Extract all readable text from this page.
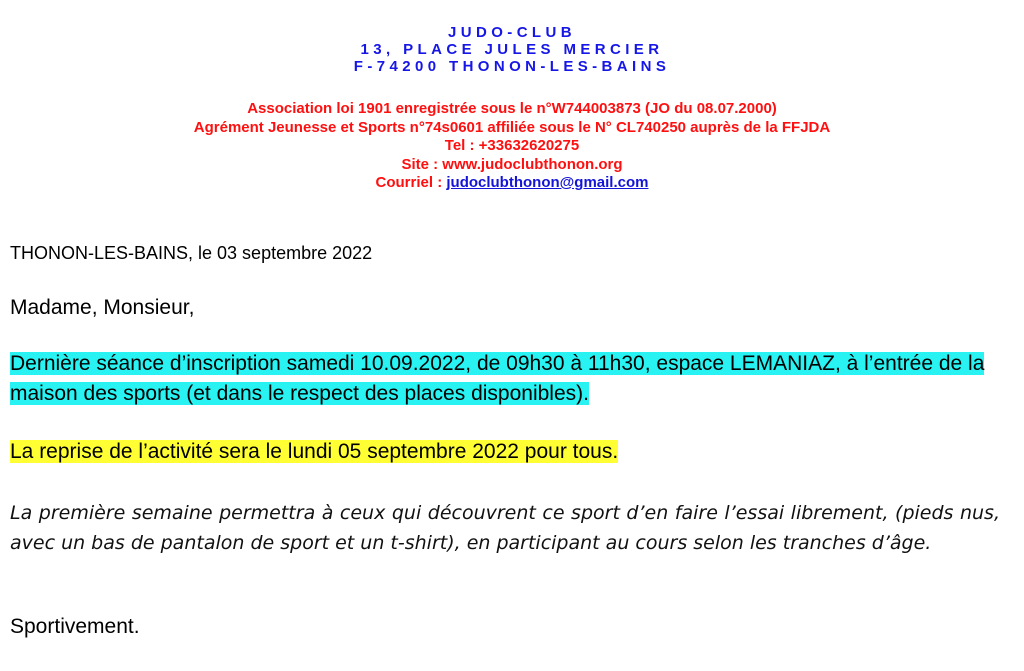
JUDO-CLUB

13, PLACE JULES MERCIER

F-74200 THONON-LES-BAINS

Association loi 1901 enregistrée sous le n°W744003873 (JO du 08.07.2000)

Agrément Jeunesse et Sports n°74s0601 affiliée sous le N° CL740250 auprès de la FFJDA

Tel : +33632620275

Site : www.judoclubthonon.org

Courriel : judoclubthonon@gmail.com

THONON-LES-BAINS, le 03 septembre 2022

Madame, Monsieur,

Dernière séance d’inscription samedi 10.09.2022, de 09h30 à 11h30, espace LEMANIAZ, à l’entrée de la maison des sports (et dans le respect des places disponibles).

La reprise de l’activité sera le lundi 05 septembre 2022 pour tous.

La première semaine permettra à ceux qui découvrent ce sport d’en faire l’essai librement, (pieds nus, avec un bas de pantalon de sport et un t-shirt), en participant au cours selon les tranches d’âge.

Sportivement.
